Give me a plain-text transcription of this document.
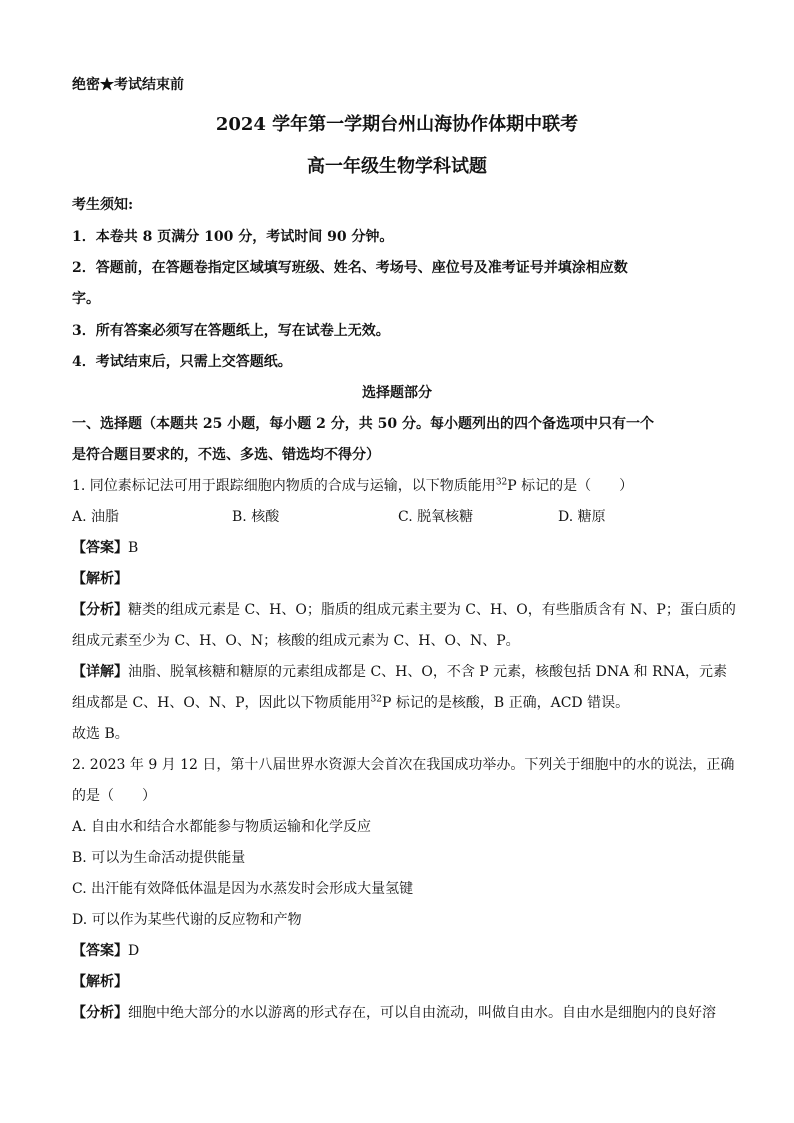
绝密★考试结束前
2024 学年第一学期台州山海协作体期中联考
高一年级生物学科试题
考生须知:
1．本卷共 8 页满分 100 分，考试时间 90 分钟。
2．答题前，在答题卷指定区域填写班级、姓名、考场号、座位号及准考证号并填涂相应数
字。
3．所有答案必须写在答题纸上，写在试卷上无效。
4．考试结束后，只需上交答题纸。
选择题部分
一、选择题（本题共 25 小题，每小题 2 分，共 50 分。每小题列出的四个备选项中只有一个
是符合题目要求的，不选、多选、错选均不得分）
1. 同位素标记法可用于跟踪细胞内物质的合成与运输，以下物质能用$^{32}$P 标记的是（　　）
A. 油脂	B. 核酸	C. 脱氧核糖	D. 糖原
【答案】B
【解析】
【分析】糖类的组成元素是 C、H、O；脂质的组成元素主要为 C、H、O，有些脂质含有 N、P；蛋白质的
组成元素至少为 C、H、O、N；核酸的组成元素为 C、H、O、N、P。
【详解】油脂、脱氧核糖和糖原的元素组成都是 C、H、O，不含 P 元素，核酸包括 DNA 和 RNA，元素
组成都是 C、H、O、N、P，因此以下物质能用$^{32}$P 标记的是核酸，B 正确，ACD 错误。
故选 B。
2. 2023 年 9 月 12 日，第十八届世界水资源大会首次在我国成功举办。下列关于细胞中的水的说法，正确
的是（　　）
A. 自由水和结合水都能参与物质运输和化学反应
B. 可以为生命活动提供能量
C. 出汗能有效降低体温是因为水蒸发时会形成大量氢键
D. 可以作为某些代谢的反应物和产物
【答案】D
【解析】
【分析】细胞中绝大部分的水以游离的形式存在，可以自由流动，叫做自由水。自由水是细胞内的良好溶
